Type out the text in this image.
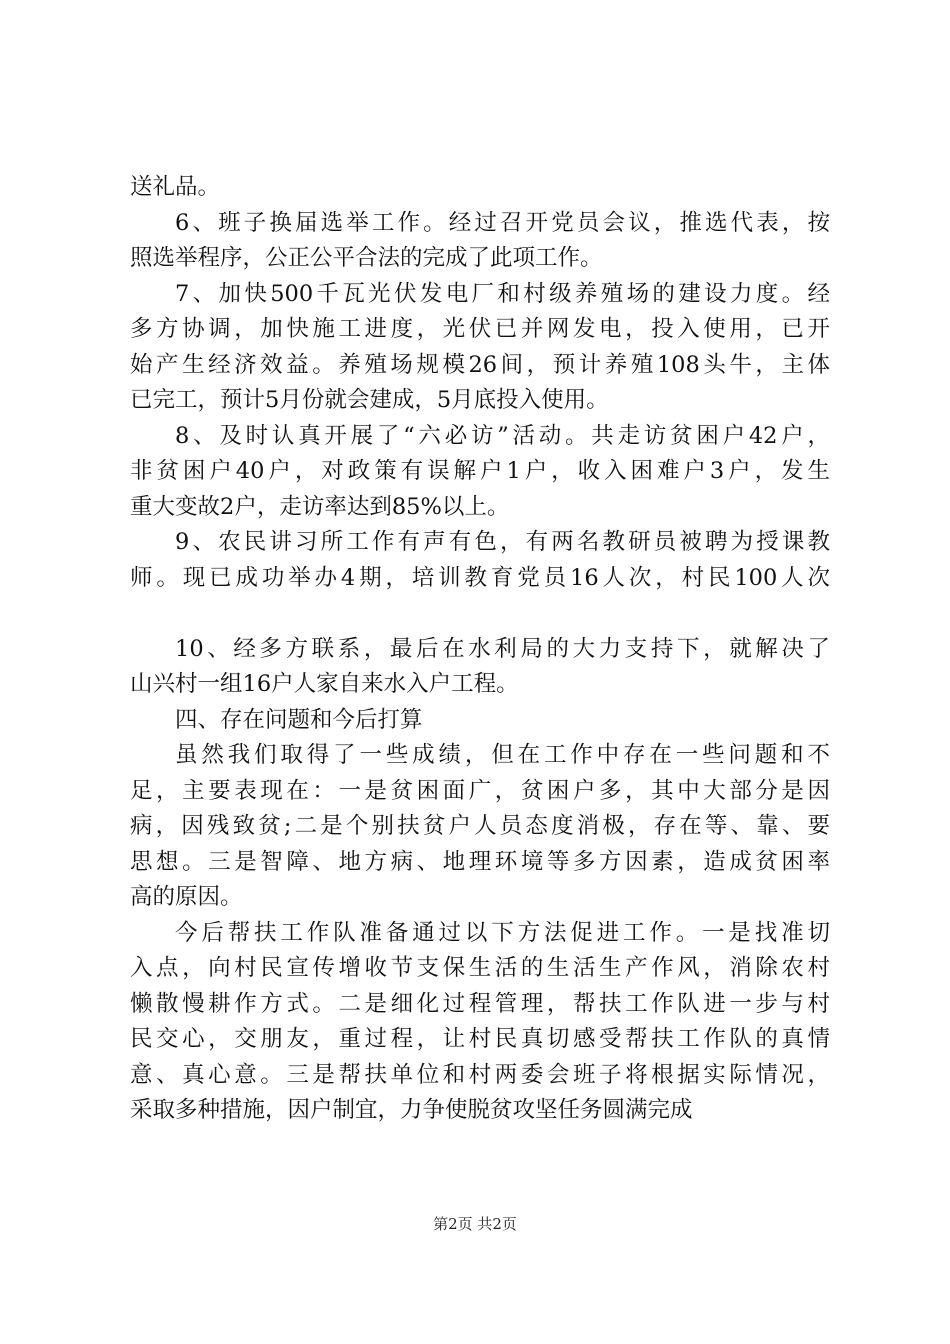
送礼品。
6、班子换届选举工作。经过召开党员会议，推选代表，按
照选举程序，公正公平合法的完成了此项工作。
7、加快500千瓦光伏发电厂和村级养殖场的建设力度。经
多方协调，加快施工进度，光伏已并网发电，投入使用，已开
始产生经济效益。养殖场规模26间，预计养殖108头牛，主体
已完工，预计5月份就会建成，5月底投入使用。
8、及时认真开展了“六必访”活动。共走访贫困户42户，
非贫困户40户，对政策有误解户1户，收入困难户3户，发生
重大变故2户，走访率达到85%以上。
9、农民讲习所工作有声有色，有两名教研员被聘为授课教
师。现已成功举办4期，培训教育党员16人次，村民100人次
10、经多方联系，最后在水利局的大力支持下，就解决了
山兴村一组16户人家自来水入户工程。
四、存在问题和今后打算
虽然我们取得了一些成绩，但在工作中存在一些问题和不
足，主要表现在：一是贫困面广，贫困户多，其中大部分是因
病，因残致贫;二是个别扶贫户人员态度消极，存在等、靠、要
思想。三是智障、地方病、地理环境等多方因素，造成贫困率
高的原因。
今后帮扶工作队准备通过以下方法促进工作。一是找准切
入点，向村民宣传增收节支保生活的生活生产作风，消除农村
懒散慢耕作方式。二是细化过程管理，帮扶工作队进一步与村
民交心，交朋友，重过程，让村民真切感受帮扶工作队的真情
意、真心意。三是帮扶单位和村两委会班子将根据实际情况，
采取多种措施，因户制宜，力争使脱贫攻坚任务圆满完成
第2页 共2页
